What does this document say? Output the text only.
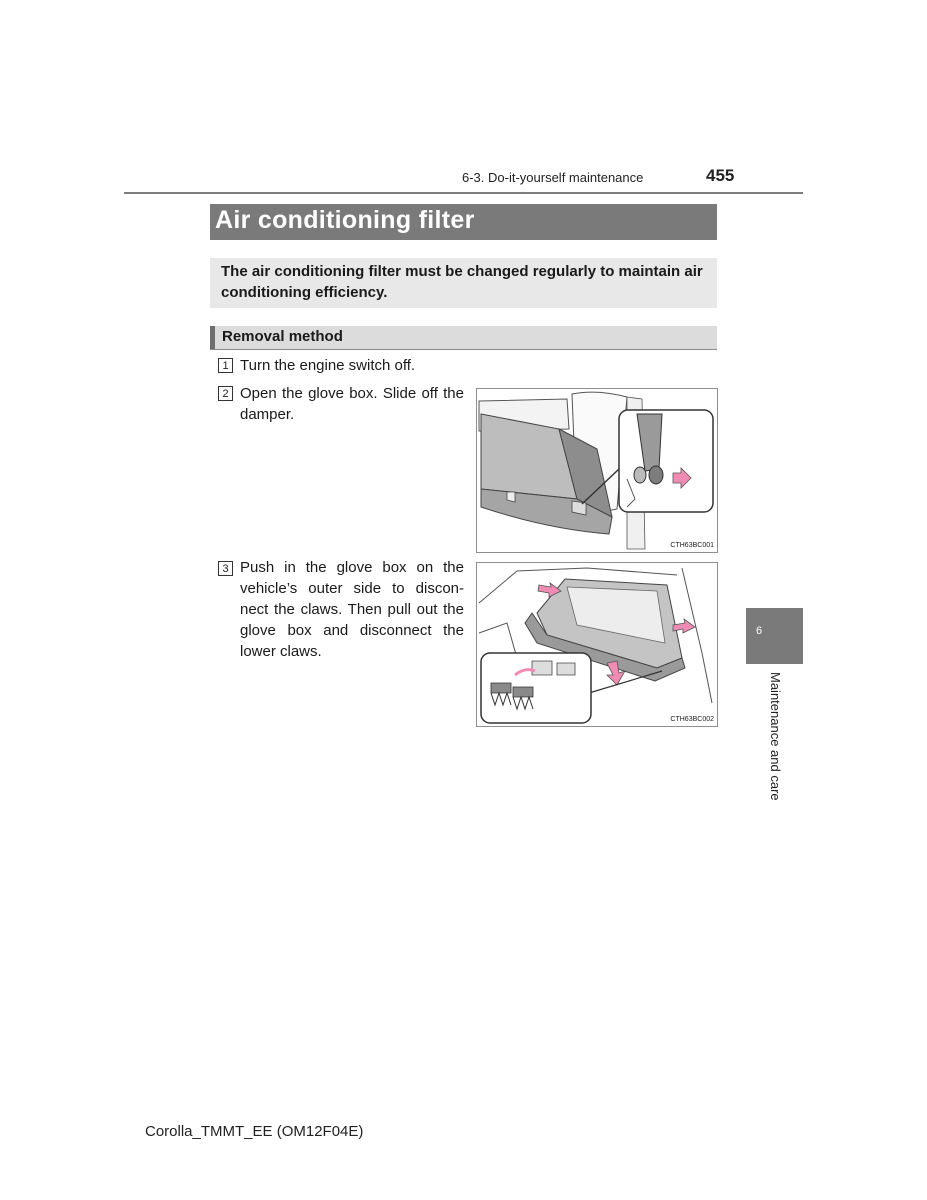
6-3. Do-it-yourself maintenance	455
Air conditioning filter
The air conditioning filter must be changed regularly to maintain air conditioning efficiency.
Removal method
1 Turn the engine switch off.
2 Open the glove box. Slide off the damper.
CTH63BC001
3 Push in the glove box on the vehicle’s outer side to discon-nect the claws. Then pull out the glove box and disconnect the lower claws.
CTH63BC002
6
Maintenance and care
Corolla_TMMT_EE (OM12F04E)
